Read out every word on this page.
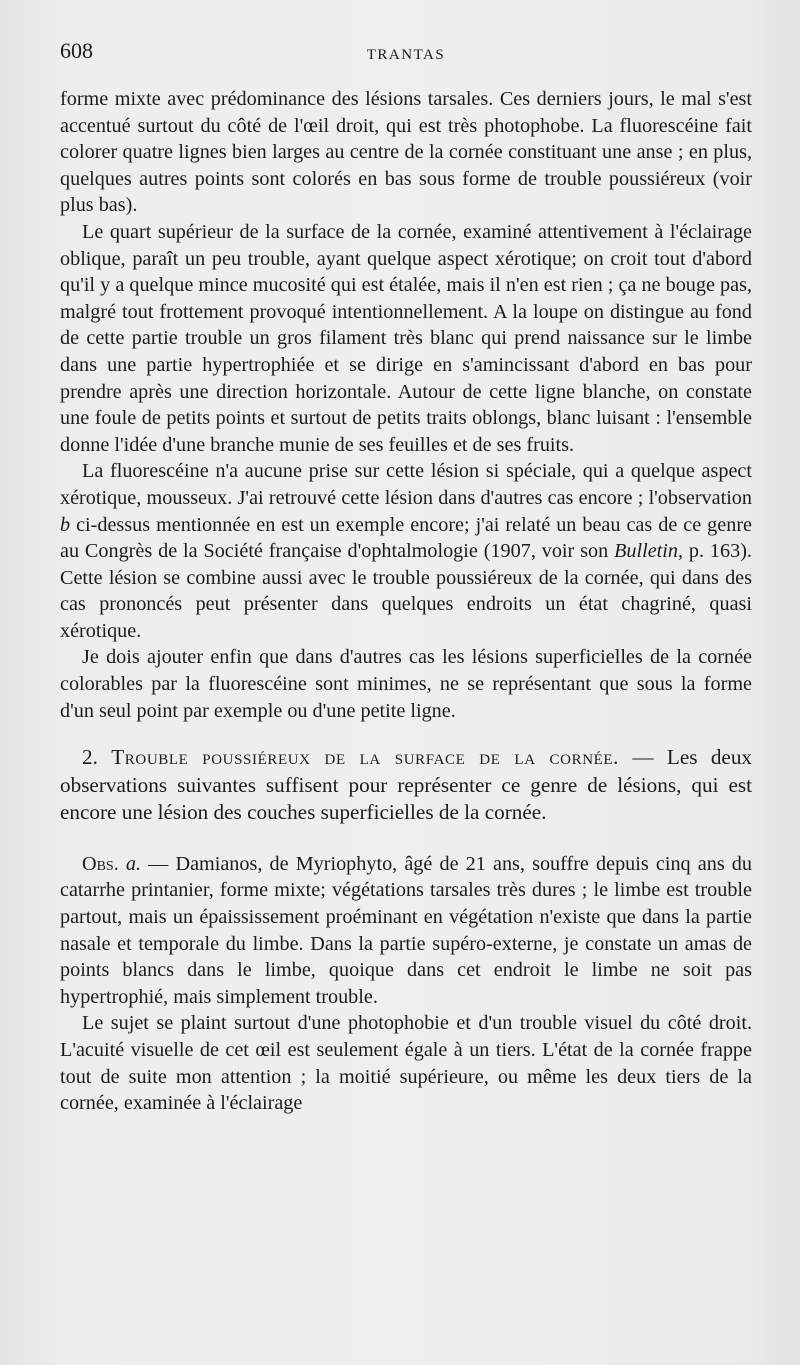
608	TRANTAS

forme mixte avec prédominance des lésions tarsales. Ces derniers jours, le mal s'est accentué surtout du côté de l'œil droit, qui est très photophobe. La fluorescéine fait colorer quatre lignes bien larges au centre de la cornée constituant une anse ; en plus, quelques autres points sont colorés en bas sous forme de trouble poussiéreux (voir plus bas).

Le quart supérieur de la surface de la cornée, examiné attentivement à l'éclairage oblique, paraît un peu trouble, ayant quelque aspect xérotique; on croit tout d'abord qu'il y a quelque mince mucosité qui est étalée, mais il n'en est rien ; ça ne bouge pas, malgré tout frottement provoqué intentionnellement. A la loupe on distingue au fond de cette partie trouble un gros filament très blanc qui prend naissance sur le limbe dans une partie hypertrophiée et se dirige en s'amincissant d'abord en bas pour prendre après une direction horizontale. Autour de cette ligne blanche, on constate une foule de petits points et surtout de petits traits oblongs, blanc luisant : l'ensemble donne l'idée d'une branche munie de ses feuilles et de ses fruits.

La fluorescéine n'a aucune prise sur cette lésion si spéciale, qui a quelque aspect xérotique, mousseux. J'ai retrouvé cette lésion dans d'autres cas encore ; l'observation b ci-dessus mentionnée en est un exemple encore; j'ai relaté un beau cas de ce genre au Congrès de la Société française d'ophtalmologie (1907, voir son Bulletin, p. 163). Cette lésion se combine aussi avec le trouble poussiéreux de la cornée, qui dans des cas prononcés peut présenter dans quelques endroits un état chagriné, quasi xérotique.

Je dois ajouter enfin que dans d'autres cas les lésions superficielles de la cornée colorables par la fluorescéine sont minimes, ne se représentant que sous la forme d'un seul point par exemple ou d'une petite ligne.

2. Trouble poussiéreux de la surface de la cornée. — Les deux observations suivantes suffisent pour représenter ce genre de lésions, qui est encore une lésion des couches superficielles de la cornée.

Obs. a. — Damianos, de Myriophyto, âgé de 21 ans, souffre depuis cinq ans du catarrhe printanier, forme mixte; végétations tarsales très dures ; le limbe est trouble partout, mais un épaississement proéminant en végétation n'existe que dans la partie nasale et temporale du limbe. Dans la partie supéro-externe, je constate un amas de points blancs dans le limbe, quoique dans cet endroit le limbe ne soit pas hypertrophié, mais simplement trouble.

Le sujet se plaint surtout d'une photophobie et d'un trouble visuel du côté droit. L'acuité visuelle de cet œil est seulement égale à un tiers. L'état de la cornée frappe tout de suite mon attention ; la moitié supérieure, ou même les deux tiers de la cornée, examinée à l'éclairage
